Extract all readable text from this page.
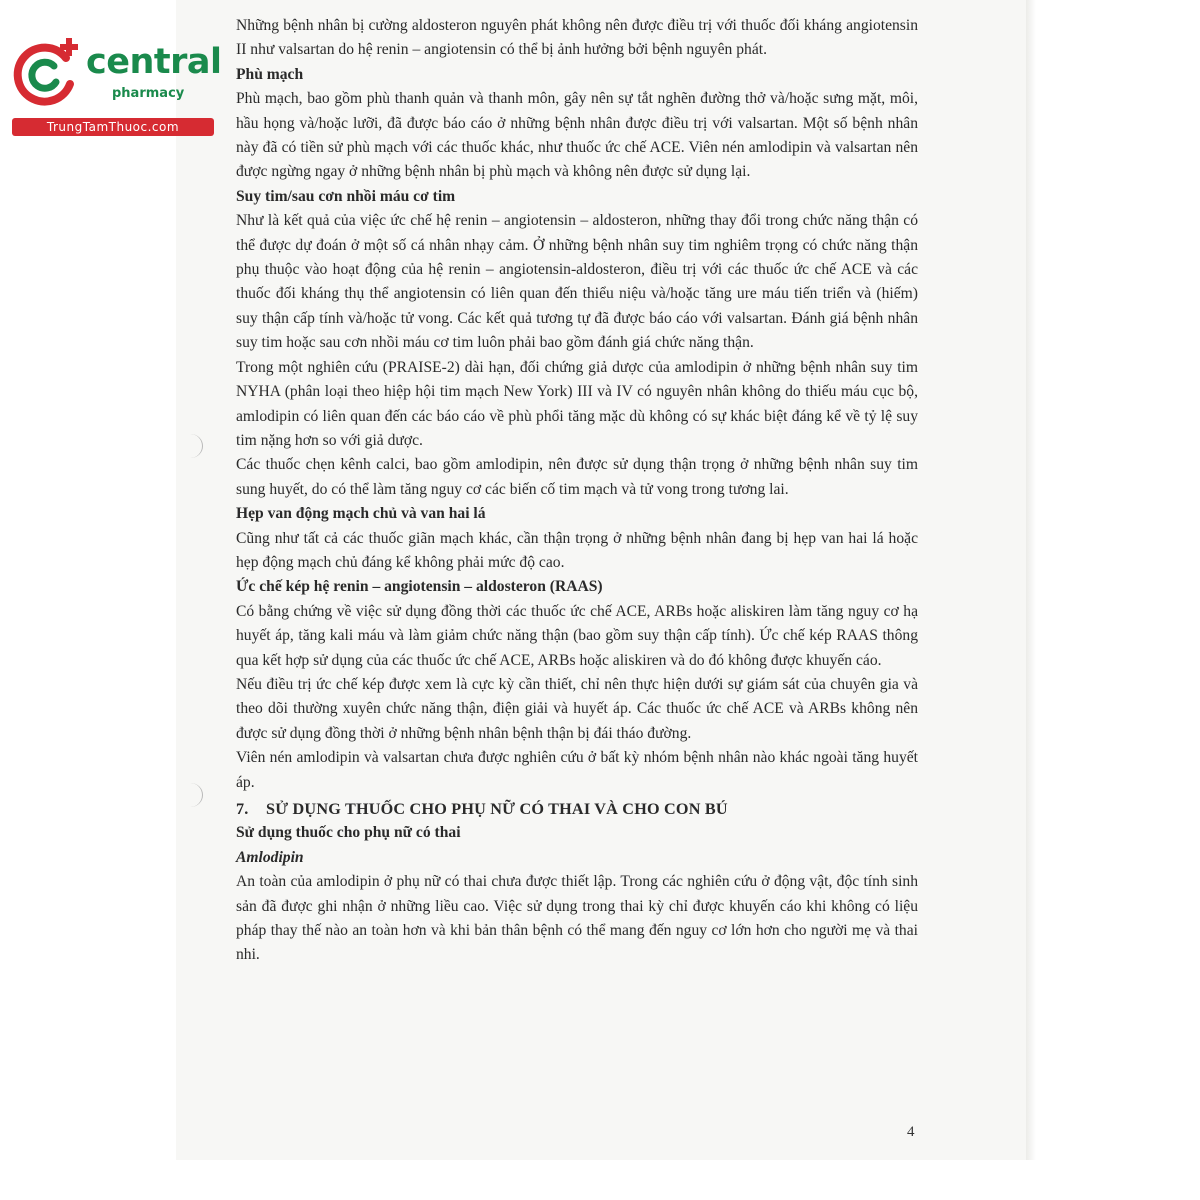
central
pharmacy
TrungTamThuoc.com

Những bệnh nhân bị cường aldosteron nguyên phát không nên được điều trị với thuốc đối kháng angiotensin II như valsartan do hệ renin – angiotensin có thể bị ảnh hưởng bởi bệnh nguyên phát.

Phù mạch

Phù mạch, bao gồm phù thanh quản và thanh môn, gây nên sự tắt nghẽn đường thở và/hoặc sưng mặt, môi, hầu họng và/hoặc lưỡi, đã được báo cáo ở những bệnh nhân được điều trị với valsartan. Một số bệnh nhân này đã có tiền sử phù mạch với các thuốc khác, như thuốc ức chế ACE. Viên nén amlodipin và valsartan nên được ngừng ngay ở những bệnh nhân bị phù mạch và không nên được sử dụng lại.

Suy tim/sau cơn nhồi máu cơ tim

Như là kết quả của việc ức chế hệ renin – angiotensin – aldosteron, những thay đổi trong chức năng thận có thể được dự đoán ở một số cá nhân nhạy cảm. Ở những bệnh nhân suy tim nghiêm trọng có chức năng thận phụ thuộc vào hoạt động của hệ renin – angiotensin-aldosteron, điều trị với các thuốc ức chế ACE và các thuốc đối kháng thụ thể angiotensin có liên quan đến thiểu niệu và/hoặc tăng ure máu tiến triển và (hiếm) suy thận cấp tính và/hoặc tử vong. Các kết quả tương tự đã được báo cáo với valsartan. Đánh giá bệnh nhân suy tim hoặc sau cơn nhồi máu cơ tim luôn phải bao gồm đánh giá chức năng thận.

Trong một nghiên cứu (PRAISE-2) dài hạn, đối chứng giả dược của amlodipin ở những bệnh nhân suy tim NYHA (phân loại theo hiệp hội tim mạch New York) III và IV có nguyên nhân không do thiếu máu cục bộ, amlodipin có liên quan đến các báo cáo về phù phổi tăng mặc dù không có sự khác biệt đáng kể về tỷ lệ suy tim nặng hơn so với giả dược.

Các thuốc chẹn kênh calci, bao gồm amlodipin, nên được sử dụng thận trọng ở những bệnh nhân suy tim sung huyết, do có thể làm tăng nguy cơ các biến cố tim mạch và tử vong trong tương lai.

Hẹp van động mạch chủ và van hai lá

Cũng như tất cả các thuốc giãn mạch khác, cần thận trọng ở những bệnh nhân đang bị hẹp van hai lá hoặc hẹp động mạch chủ đáng kể không phải mức độ cao.

Ức chế kép hệ renin – angiotensin – aldosteron (RAAS)

Có bằng chứng về việc sử dụng đồng thời các thuốc ức chế ACE, ARBs hoặc aliskiren làm tăng nguy cơ hạ huyết áp, tăng kali máu và làm giảm chức năng thận (bao gồm suy thận cấp tính). Ức chế kép RAAS thông qua kết hợp sử dụng của các thuốc ức chế ACE, ARBs hoặc aliskiren và do đó không được khuyến cáo.

Nếu điều trị ức chế kép được xem là cực kỳ cần thiết, chỉ nên thực hiện dưới sự giám sát của chuyên gia và theo dõi thường xuyên chức năng thận, điện giải và huyết áp. Các thuốc ức chế ACE và ARBs không nên được sử dụng đồng thời ở những bệnh nhân bệnh thận bị đái tháo đường.

Viên nén amlodipin và valsartan chưa được nghiên cứu ở bất kỳ nhóm bệnh nhân nào khác ngoài tăng huyết áp.

7. SỬ DỤNG THUỐC CHO PHỤ NỮ CÓ THAI VÀ CHO CON BÚ
Sử dụng thuốc cho phụ nữ có thai
Amlodipin

An toàn của amlodipin ở phụ nữ có thai chưa được thiết lập. Trong các nghiên cứu ở động vật, độc tính sinh sản đã được ghi nhận ở những liều cao. Việc sử dụng trong thai kỳ chỉ được khuyến cáo khi không có liệu pháp thay thế nào an toàn hơn và khi bản thân bệnh có thể mang đến nguy cơ lớn hơn cho người mẹ và thai nhi.

4
